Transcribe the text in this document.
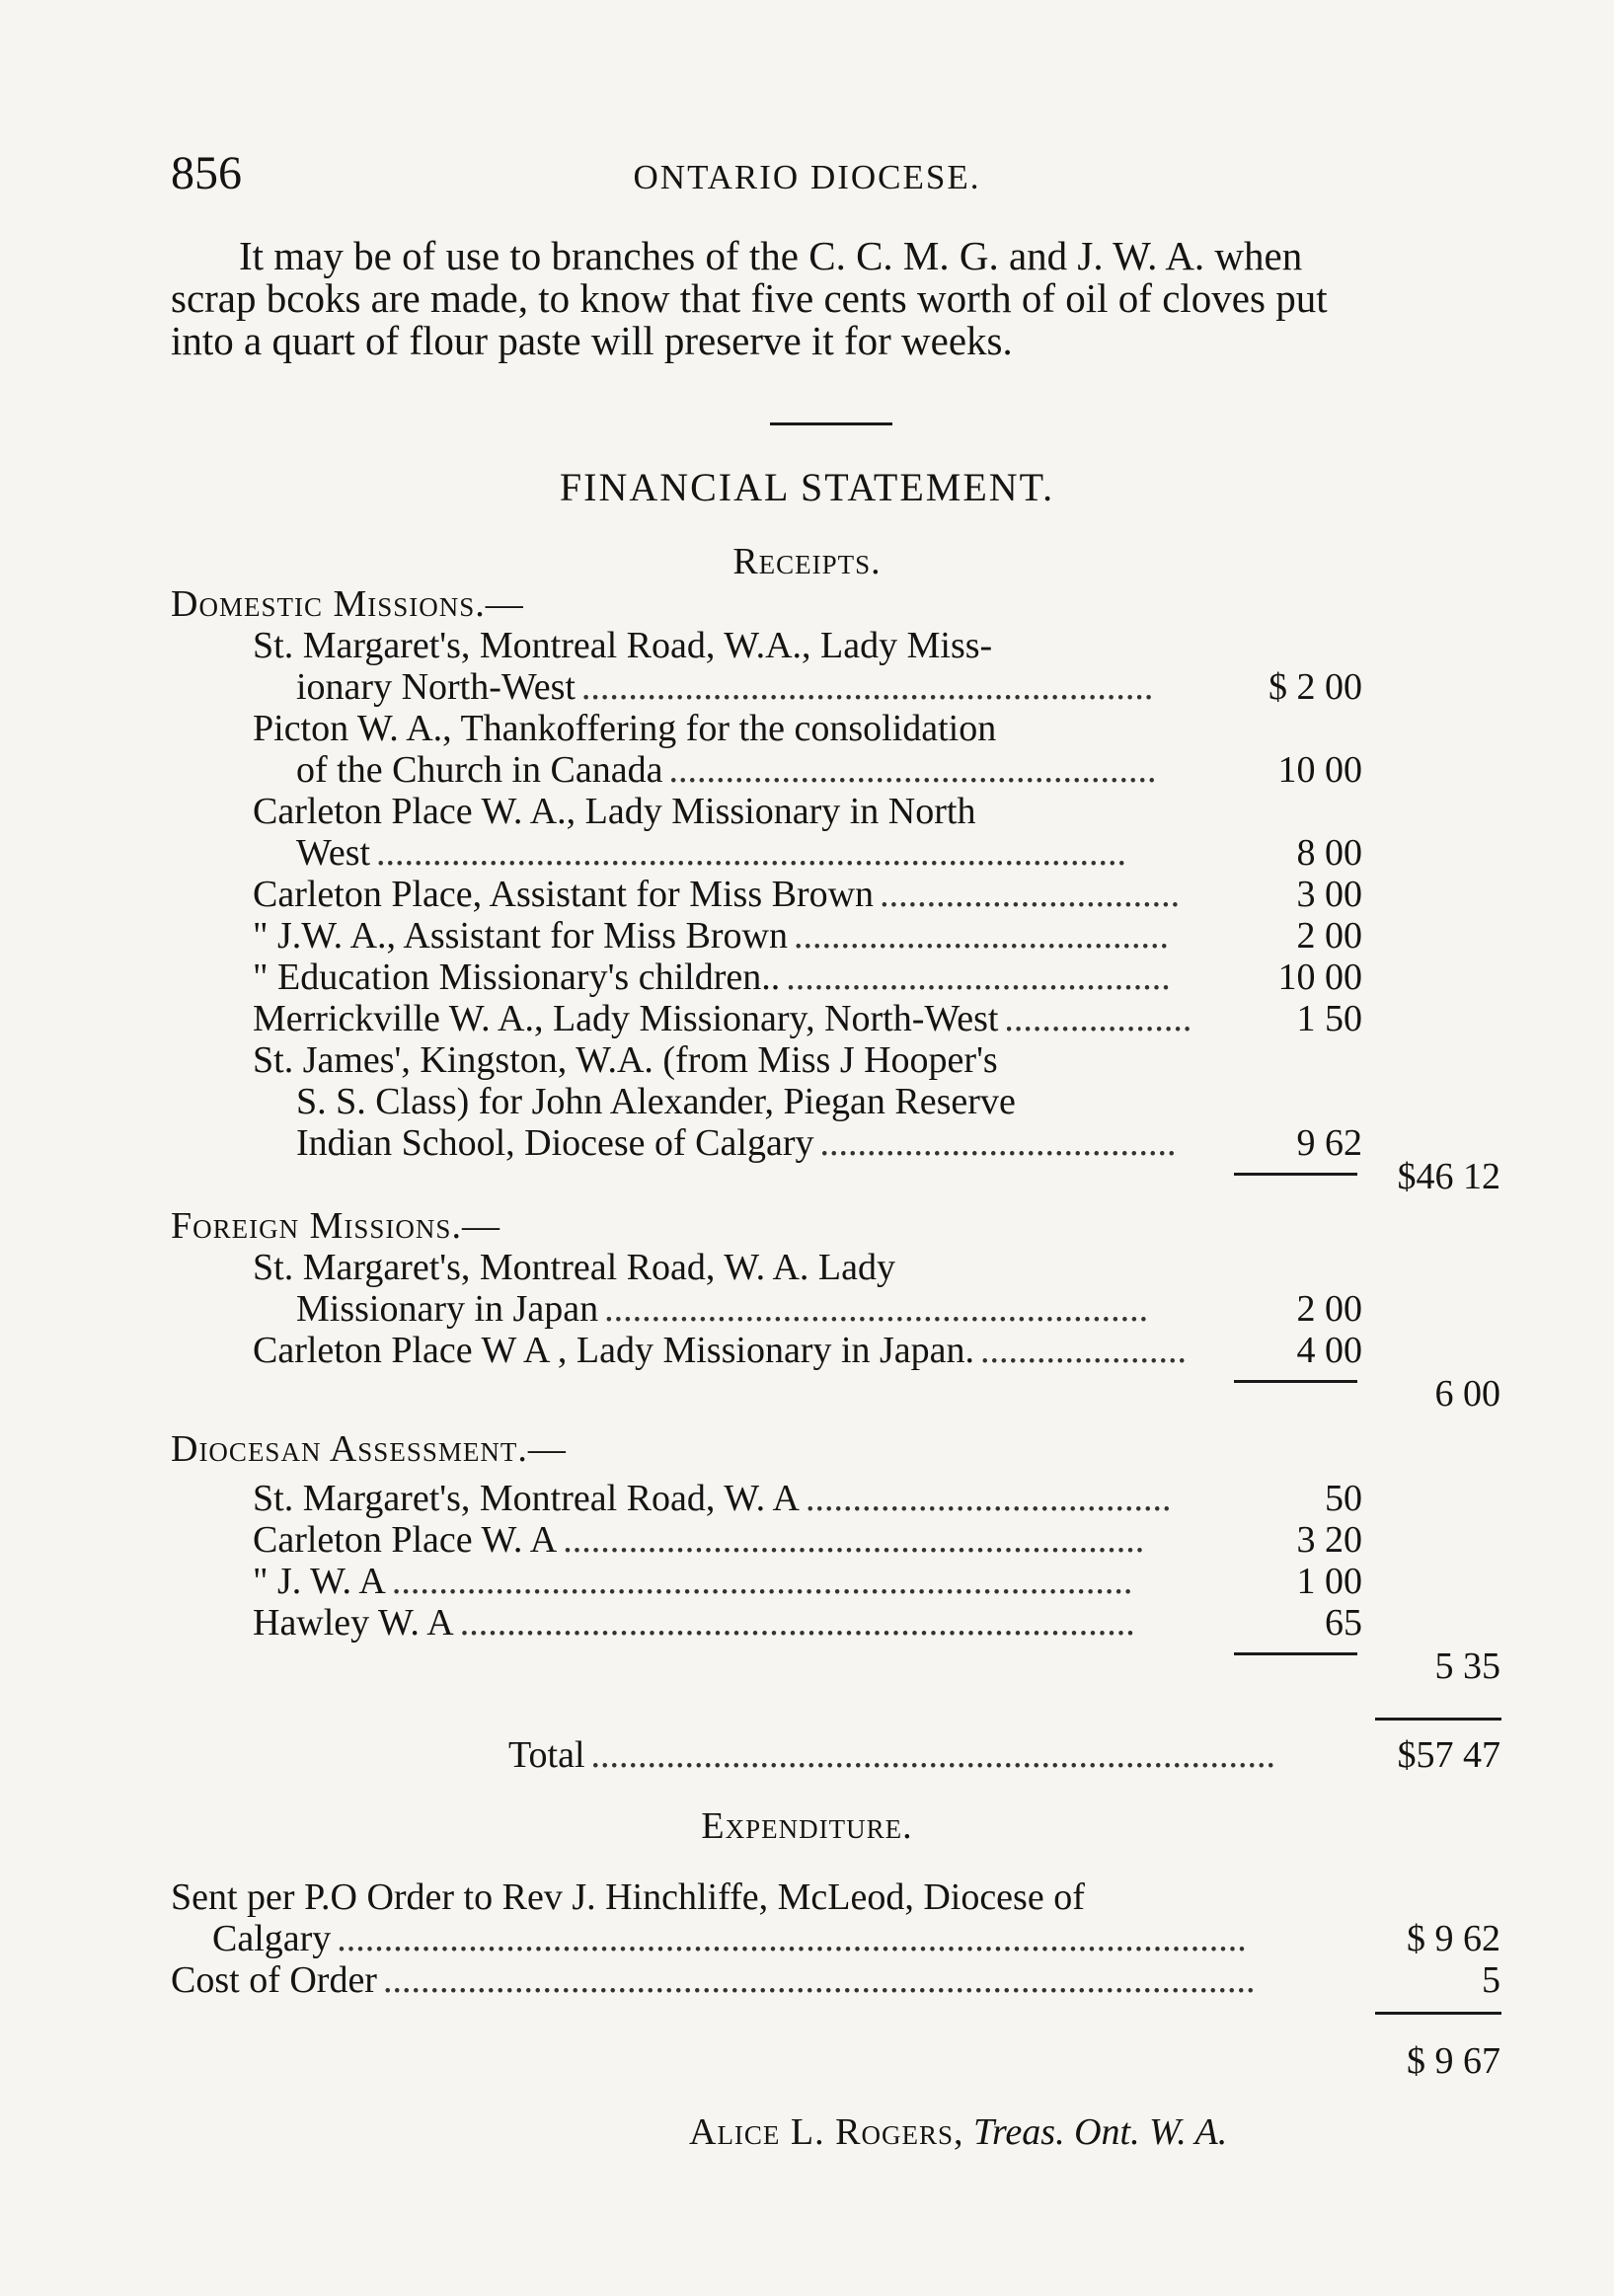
856	ONTARIO DIOCESE.
It may be of use to branches of the C. C. M. G. and J. W. A. when
scrap bcoks are made, to know that five cents worth of oil of cloves put
into a quart of flour paste will preserve it for weeks.
FINANCIAL STATEMENT.
Receipts.
Domestic Missions.—
St. Margaret's, Montreal Road, W.A., Lady Miss-
ionary North-West .............................................................	$ 2 00
Picton W. A., Thankoffering for the consolidation
of the Church in Canada ....................................................	10 00
Carleton Place W. A., Lady Missionary in North
West ................................................................................	8 00
Carleton Place, Assistant for Miss Brown ................................	3 00
" J.W. A., Assistant for Miss Brown ........................................	2 00
" Education Missionary's children.. .........................................	10 00
Merrickville W. A., Lady Missionary, North-West ....................	1 50
St. James', Kingston, W.A. (from Miss J Hooper's
S. S. Class) for John Alexander, Piegan Reserve
Indian School, Diocese of Calgary ......................................	9 62
$46 12
Foreign Missions.—
St. Margaret's, Montreal Road, W. A. Lady
Missionary in Japan ..........................................................	2 00
Carleton Place W A , Lady Missionary in Japan. ......................	4 00
6 00
Diocesan Assessment.—
St. Margaret's, Montreal Road, W. A .......................................	50
Carleton Place W. A ..............................................................	3 20
" J. W. A ...............................................................................	1 00
Hawley W. A ........................................................................	65
5 35
Total .........................................................................	$57 47
Expenditure.
Sent per P.O Order to Rev J. Hinchliffe, McLeod, Diocese of
Calgary .................................................................................................	$ 9 62
Cost of Order .............................................................................................	5
$ 9 67
Alice L. Rogers, Treas. Ont. W. A.
